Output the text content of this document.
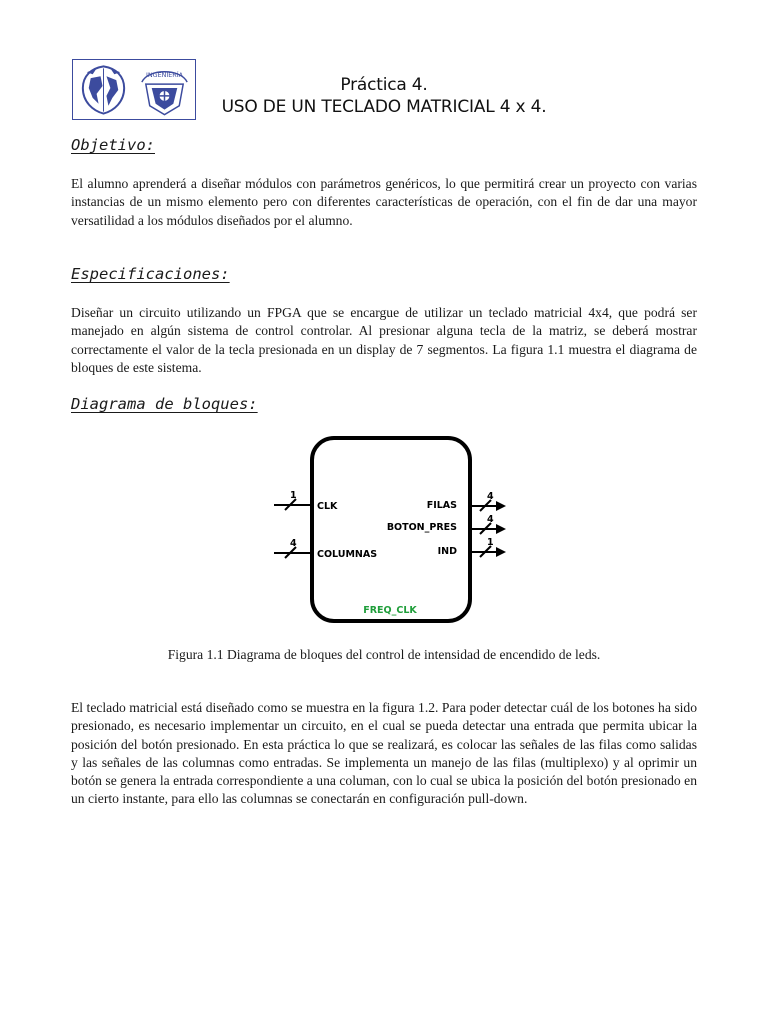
INGENIERÍA	Práctica 4.
USO DE UN TECLADO MATRICIAL 4 x 4.
Objetivo:

El alumno aprenderá a diseñar módulos con parámetros genéricos, lo que permitirá crear un proyecto con varias instancias de un mismo elemento pero con diferentes características de operación, con el fin de dar una mayor versatilidad a los módulos diseñados por el alumno.

Especificaciones:

Diseñar un circuito utilizando un FPGA que se encargue de utilizar un teclado matricial 4x4, que podrá ser manejado en algún sistema de control controlar. Al presionar alguna tecla de la matriz, se deberá mostrar correctamente el valor de la tecla presionada en un display de 7 segmentos. La figura 1.1 muestra el diagrama de bloques de este sistema.

Diagrama de bloques:
1
CLK
4
COLUMNAS
4
FILAS
4
BOTON_PRES
1
IND
FREQ_CLK

Figura 1.1 Diagrama de bloques del control de intensidad de encendido de leds.

El teclado matricial está diseñado como se muestra en la figura 1.2. Para poder detectar cuál de los botones ha sido presionado, es necesario implementar un circuito, en el cual se pueda detectar una entrada que permita ubicar la posición del botón presionado. En esta práctica lo que se realizará, es colocar las señales de las filas como salidas y las señales de las columnas como entradas. Se implementa un manejo de las filas (multiplexo) y al oprimir un botón se genera la entrada correspondiente a una columan, con lo cual se ubica la posición del botón presionado en un cierto instante, para ello las columnas se conectarán en configuración pull-down.
